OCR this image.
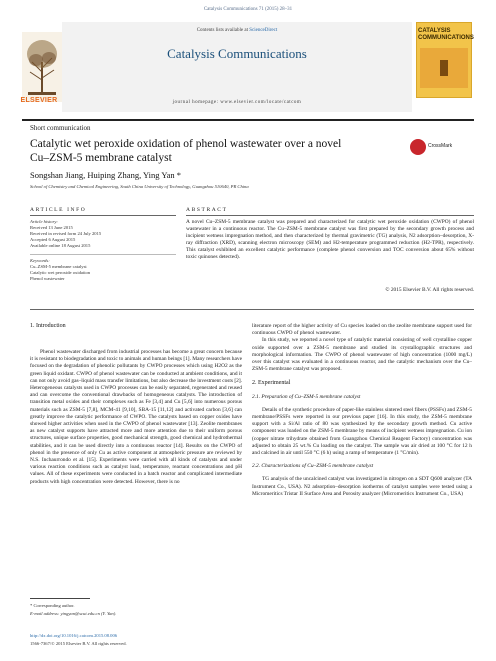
Catalysis Communications 71 (2015) 28–31
Contents lists available at ScienceDirect
Catalysis Communications
journal homepage: www.elsevier.com/locate/catcom
ELSEVIER
CATALYSIS COMMUNICATIONS
Short communication
Catalytic wet peroxide oxidation of phenol wastewater over a novel
Cu–ZSM-5 membrane catalyst
CrossMark
Songshan Jiang, Huiping Zhang, Ying Yan *
School of Chemistry and Chemical Engineering, South China University of Technology, Guangzhou 510640, PR China
ARTICLE INFO	ABSTRACT
Article history:
Received 13 June 2015
Received in revised form 24 July 2015
Accepted 6 August 2015
Available online 18 August 2015
Keywords:
Cu–ZSM-5 membrane catalyst
Catalytic wet peroxide oxidation
Phenol wastewater
A novel Cu–ZSM-5 membrane catalyst was prepared and characterized for catalytic wet peroxide oxidation (CWPO) of phenol wastewater in a continuous reactor. The Cu–ZSM-5 membrane catalyst was first prepared by the secondary growth process and incipient wetness impregnation method, and then characterized by thermal gravimetric (TG) analysis, N2 adsorption–desorption, X-ray diffraction (XRD), scanning electron microscopy (SEM) and H2-temperature programmed reduction (H2-TPR), respectively. This catalyst exhibited an excellent catalytic performance (complete phenol conversion and TOC conversion about 65% without toxic quinones detected).
© 2015 Elsevier B.V. All rights reserved.
1. Introduction

Phenol wastewater discharged from industrial processes has become a great concern because it is resistant to biodegradation and toxic to animals and human beings [1]. Many researchers have focused on the degradation of phenolic pollutants by CWPO processes which using H2O2 as the green liquid oxidant. CWPO of phenol wastewater can be conducted at ambient conditions, and it can not only avoid gas–liquid mass transfer limitations, but also decrease the investment costs [2]. Heterogeneous catalysts used in CWPO processes can be easily separated, regenerated and reused and can overcome the conventional drawbacks of homogeneous catalysts. The introduction of transition metal oxides and their complexes such as Fe [3,4] and Cu [5,6] into numerous porous materials such as ZSM-5 [7,8], MCM-41 [9,10], SBA-15 [11,12] and activated carbon [3,6] can greatly improve the catalytic performance of CWPO. The catalysts based on copper oxides have showed higher activities when used in the CWPO of phenol wastewater [13]. Zeolite membranes as new catalyst supports have attracted more and more attention due to their uniform porous structures, unique surface properties, good mechanical strength, good chemical and hydrothermal stabilities, and it can be used directly into a continuous reactor [14]. Results on the CWPO of phenol in the presence of only Cu as active component at atmospheric pressure are reviewed by N.S. Inchaurrondo et al. [15]. Experiments were carried with all kinds of catalysts and under various reaction conditions such as catalyst load, temperature, reactant concentrations and pH values. All of these experiments were conducted in a batch reactor and complicated intermediate products with high concentration were detected. However, there is no

literature report of the higher activity of Cu species loaded on the zeolite membrane support used for continuous CWPO of phenol wastewater.

In this study, we reported a novel type of catalytic material consisting of well crystalline copper oxide supported over a ZSM-5 membrane and studied its crystallographic structures and morphological information. The CWPO of phenol wastewater of high concentration (1000 mg/L) over this catalyst was evaluated in a continuous reactor, and the catalytic mechanism over the Cu–ZSM-5 membrane catalyst was proposed.

2. Experimental
2.1. Preparation of Cu–ZSM-5 membrane catalyst

Details of the synthetic procedure of paper-like stainless sintered steel fibers (PSSFs) and ZSM-5 membrane/PSSFs were reported in our previous paper [16]. In this study, the ZSM-5 membrane support with a Si/Al ratio of 80 was synthesized by the secondary growth method. Cu active component was loaded on the ZSM-5 membrane by means of incipient wetness impregnation. Cu ion (copper nitrate trihydrate obtained from Guangzhou Chemical Reagent Factory) concentration was adjusted to obtain 25 wt.% Cu loading on the catalyst. The sample was air dried at 100 °C for 12 h and calcined in air until 550 °C (6 h) using a ramp of temperature (1 °C/min).

2.2. Characterizations of Cu–ZSM-5 membrane catalyst

TG analysis of the uncalcined catalyst was investigated in nitrogen on a SDT Q600 analyzer (TA Instrument Co., USA). N2 adsorption–desorption isotherms of catalyst samples were tested using a Micromeritics Tristar II Surface Area and Porosity analyzer (Micromeritics Instrument Co., USA)

* Corresponding author.
E-mail address: yingyan@scut.edu.cn (Y. Yan).
http://dx.doi.org/10.1016/j.catcom.2015.08.006
1566-7367/© 2015 Elsevier B.V. All rights reserved.
